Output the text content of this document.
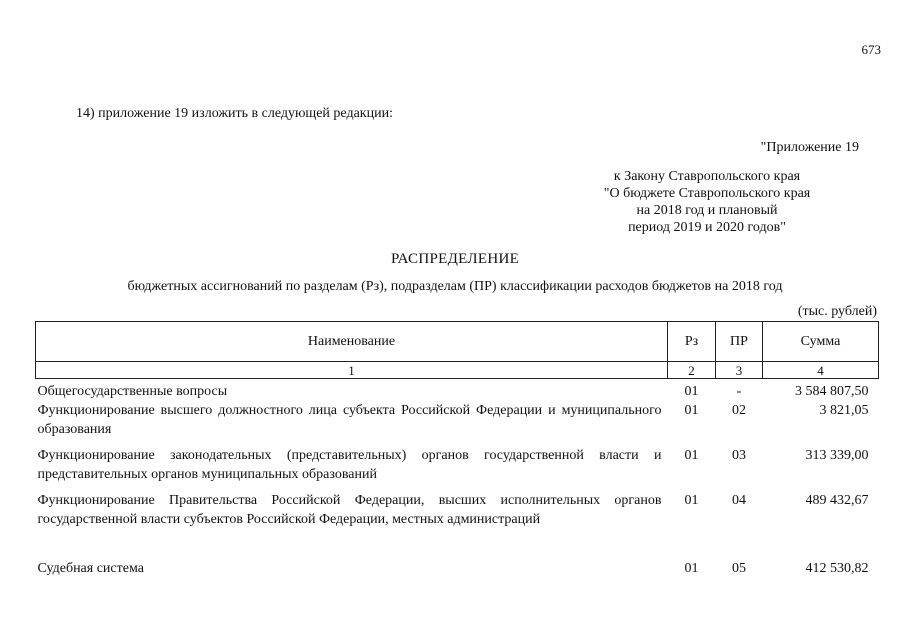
673
14) приложение 19 изложить в следующей редакции:
"Приложение 19
к Закону Ставропольского края
"О бюджете Ставропольского края
на 2018 год и плановый
период 2019 и 2020 годов"
РАСПРЕДЕЛЕНИЕ
бюджетных ассигнований по разделам (Рз), подразделам (ПР) классификации расходов бюджетов на 2018 год
(тыс. рублей)
Наименование	Рз	ПР	Сумма
1	2	3	4
Общегосударственные вопросы	01	-	3 584 807,50
Функционирование высшего должностного лица субъекта Российской Федерации и муниципального образования	01	02	3 821,05
Функционирование законодательных (представительных) органов государственной власти и представительных органов муниципальных образований	01	03	313 339,00
Функционирование Правительства Российской Федерации, высших исполнительных органов государственной власти субъектов Российской Федерации, местных администраций	01	04	489 432,67
Судебная система	01	05	412 530,82
